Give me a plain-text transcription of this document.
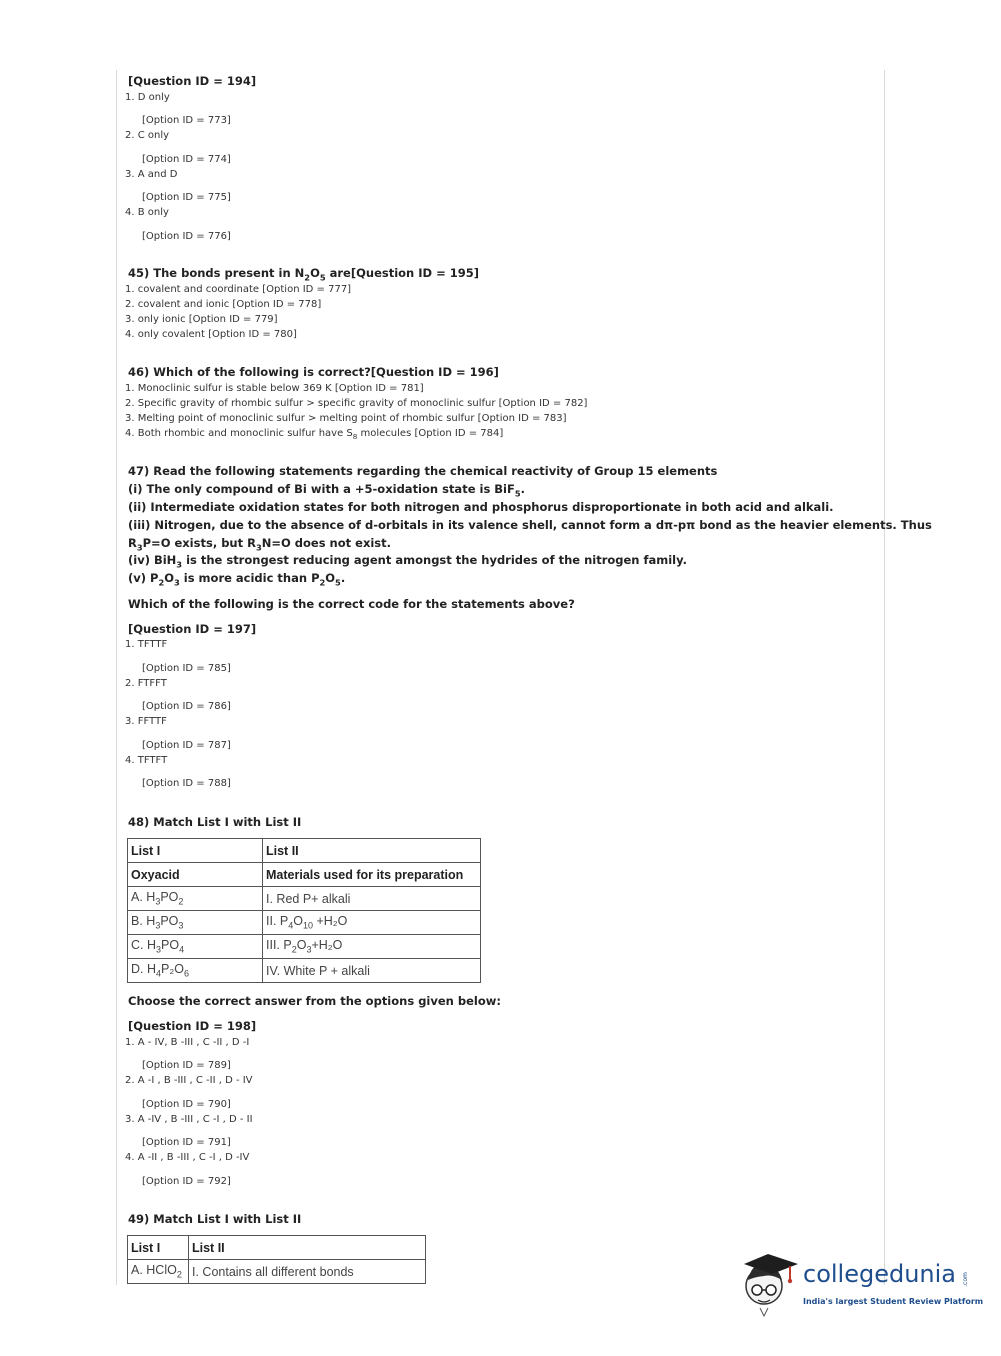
[Question ID = 194]
1. D only
[Option ID = 773]
2. C only
[Option ID = 774]
3. A and D
[Option ID = 775]
4. B only
[Option ID = 776]
45) The bonds present in $N_2O_5$ are[Question ID = 195]
1. covalent and coordinate [Option ID = 777]
2. covalent and ionic [Option ID = 778]
3. only ionic [Option ID = 779]
4. only covalent [Option ID = 780]
46) Which of the following is correct?[Question ID = 196]
1. Monoclinic sulfur is stable below 369 K [Option ID = 781]
2. Specific gravity of rhombic sulfur > specific gravity of monoclinic sulfur [Option ID = 782]
3. Melting point of monoclinic sulfur > melting point of rhombic sulfur [Option ID = 783]
4. Both rhombic and monoclinic sulfur have $S_8$ molecules [Option ID = 784]
47) Read the following statements regarding the chemical reactivity of Group 15 elements
(i) The only compound of Bi with a +5-oxidation state is BiF$_5$.
(ii) Intermediate oxidation states for both nitrogen and phosphorus disproportionate in both acid and alkali.
(iii) Nitrogen, due to the absence of d-orbitals in its valence shell, cannot form a dπ-pπ bond as the heavier elements. Thus
$R_3P=O$ exists, but $R_3N=O$ does not exist.
(iv) BiH$_3$ is the strongest reducing agent amongst the hydrides of the nitrogen family.
(v) $P_2O_3$ is more acidic than $P_2O_5$.
Which of the following is the correct code for the statements above?
[Question ID = 197]
1. TFTTF
[Option ID = 785]
2. FTFFT
[Option ID = 786]
3. FFTTF
[Option ID = 787]
4. TFTFT
[Option ID = 788]
48) Match List I with List II
List I	List II
Oxyacid	Materials used for its preparation
A. $H_3PO_2$	I. Red P+ alkali
B. $H_3PO_3$	II. $P_4O_{10} +H_2O$
C. $H_3PO_4$	III. $P_2O_3+H_2O$
D. $H_4P_2O_6$	IV. White P + alkali
Choose the correct answer from the options given below:
[Question ID = 198]
1. A - IV, B -III , C -II , D -I
[Option ID = 789]
2. A -I , B -III , C -II , D - IV
[Option ID = 790]
3. A -IV , B -III , C -I , D - II
[Option ID = 791]
4. A -II , B -III , C -I , D -IV
[Option ID = 792]
49) Match List I with List II
List I	List II
A. HClO$_2$	I. Contains all different bonds	collegedunia
India's largest Student Review Platform
.com
